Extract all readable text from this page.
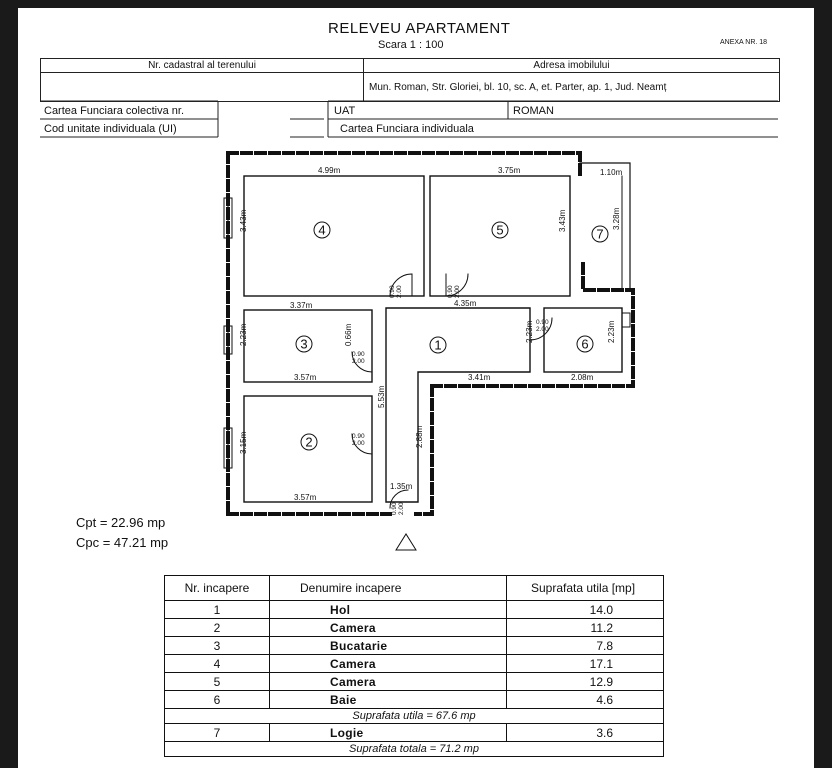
RELEVEU APARTAMENT
Scara 1 : 100	ANEXA NR. 18
Nr. cadastral al terenului	Adresa imobilului
	Mun. Roman, Str. Gloriei, bl. 10, sc. A, et. Parter, ap. 1, Jud. Neamț
Cartea Funciara colectiva nr.
Cod unitate individuala (UI)
UAT	ROMAN
Cartea Funciara individuala
4.99m	3.75m	1.10m
3.43m	3.43m	3.28m
3.37m	4.35m
2.23m	0.66m
3.57m	3.41m
2.23m
2.08m
2.23m
5.53m
2.88m
3.15m
3.57m
1.35m
0.902.00	0.902.00
0.90 2.00
0.90 2.00
0.902.00
0.90 2.00
1
2
3
4	5
6
7
Cpt = 22.96 mp
Cpc = 47.21 mp
Nr. incapere	Denumire incapere	Suprafata utila [mp]
1	Hol	14.0
2	Camera	11.2
3	Bucatarie	7.8
4	Camera	17.1
5	Camera	12.9
6	Baie	4.6
Suprafata utila = 67.6 mp		
7	Logie	3.6
Suprafata totala = 71.2 mp		
